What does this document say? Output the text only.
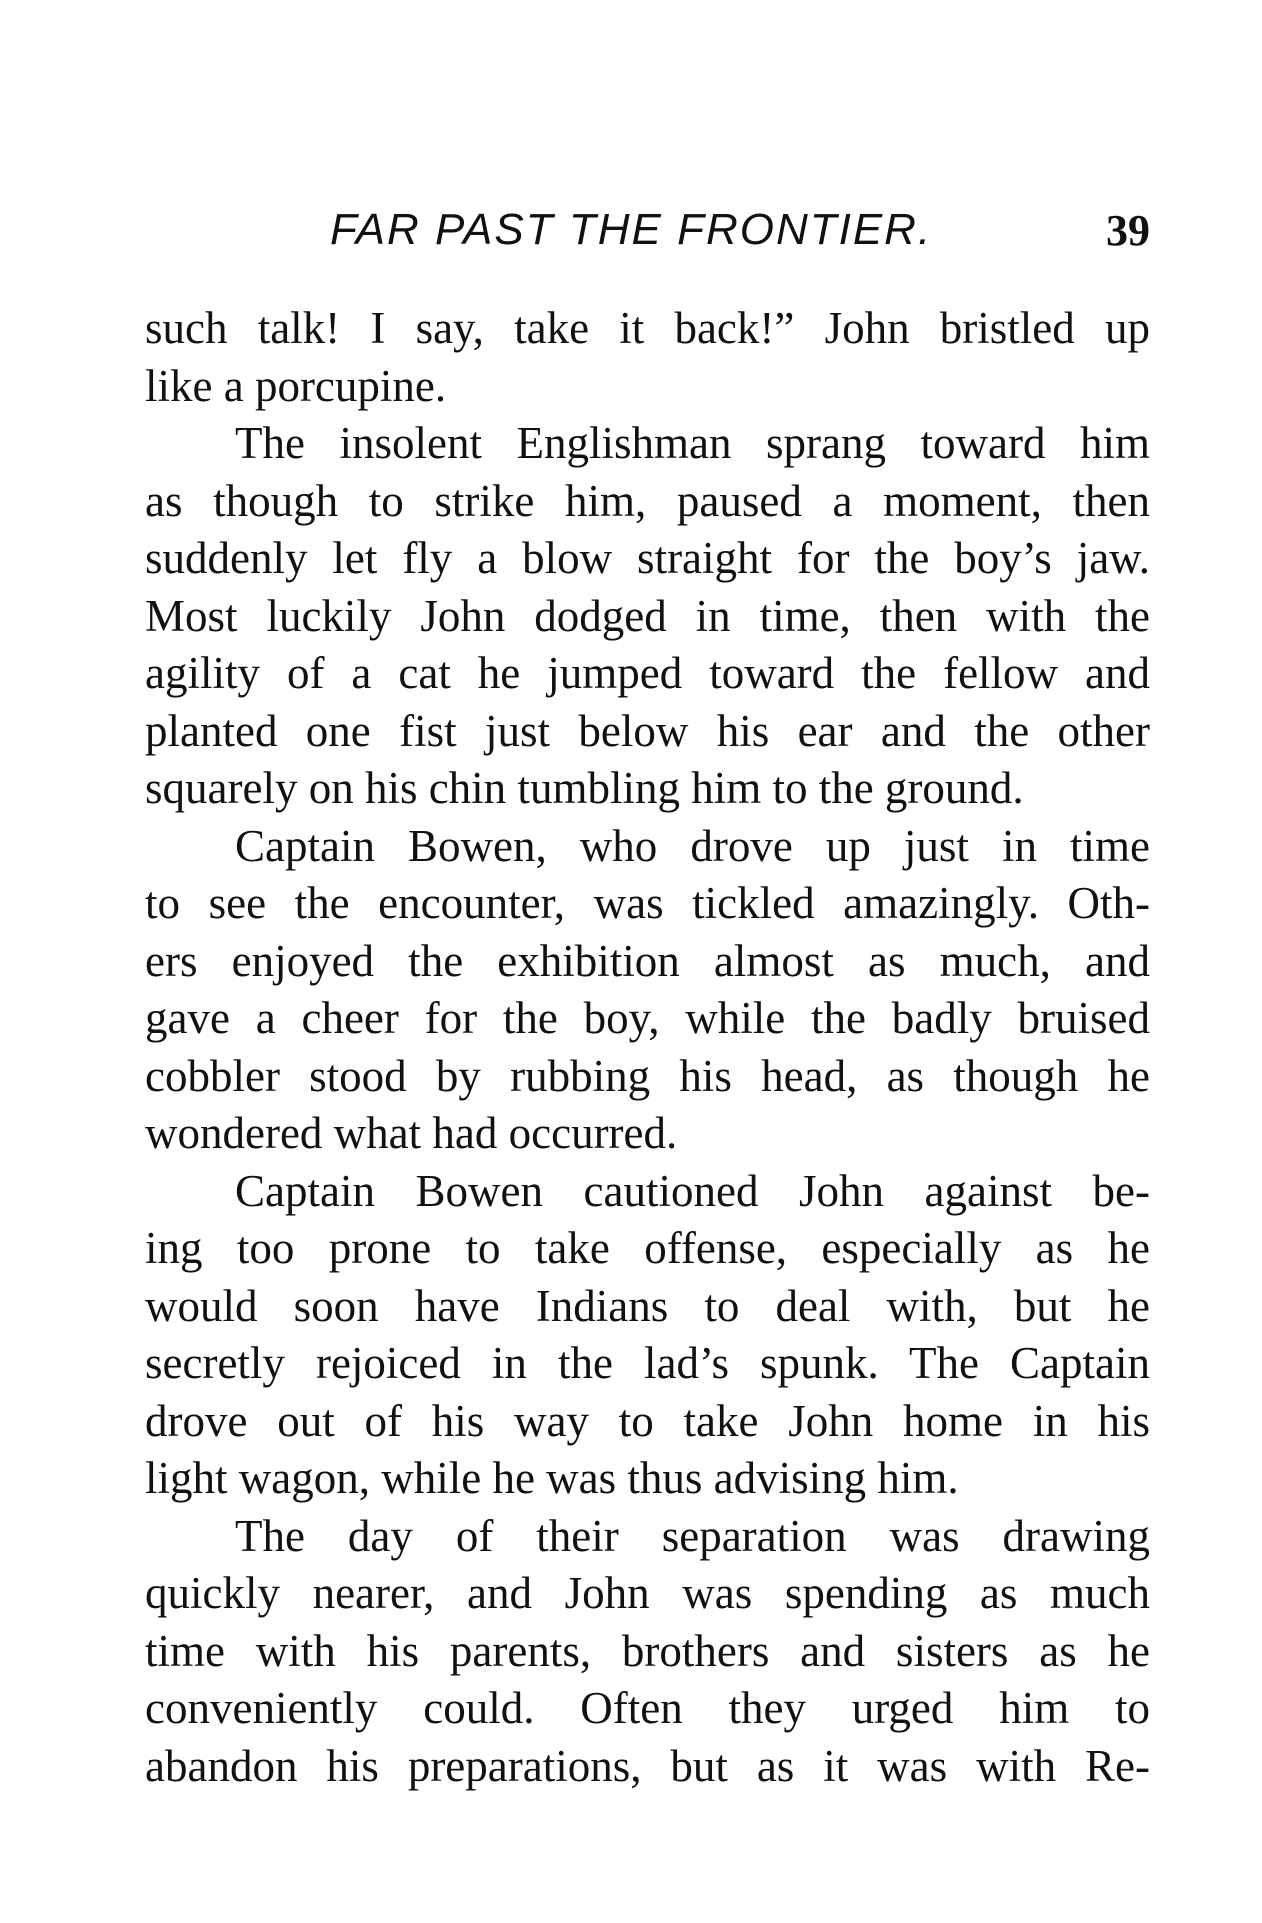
FAR PAST THE FRONTIER.	39
such talk! I say, take it back!” John bristled up
like a porcupine.
The insolent Englishman sprang toward him
as though to strike him, paused a moment, then
suddenly let fly a blow straight for the boy’s jaw.
Most luckily John dodged in time, then with the
agility of a cat he jumped toward the fellow and
planted one fist just below his ear and the other
squarely on his chin tumbling him to the ground.
Captain Bowen, who drove up just in time
to see the encounter, was tickled amazingly. Oth-
ers enjoyed the exhibition almost as much, and
gave a cheer for the boy, while the badly bruised
cobbler stood by rubbing his head, as though he
wondered what had occurred.
Captain Bowen cautioned John against be-
ing too prone to take offense, especially as he
would soon have Indians to deal with, but he
secretly rejoiced in the lad’s spunk. The Captain
drove out of his way to take John home in his
light wagon, while he was thus advising him.
The day of their separation was drawing
quickly nearer, and John was spending as much
time with his parents, brothers and sisters as he
conveniently could. Often they urged him to
abandon his preparations, but as it was with Re-
